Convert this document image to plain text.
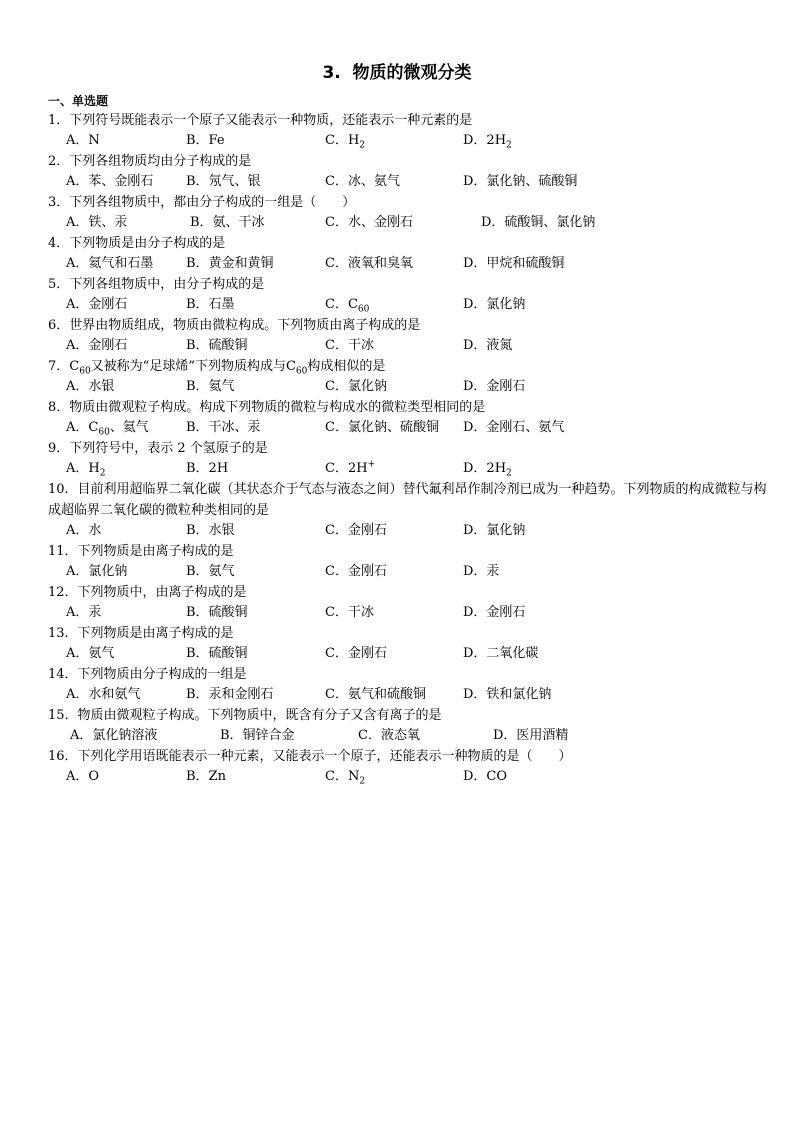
3.  物质的微观分类
一、单选题
1．下列符号既能表示一个原子又能表示一种物质，还能表示一种元素的是
A．N	B．Fe	C．$H_2$	D．$2H_2$
2．下列各组物质均由分子构成的是
A．苯、金刚石	B．氖气、银	C．冰、氨气	D．氯化钠、硫酸铜
3．下列各组物质中，都由分子构成的一组是（　　）
A．铁、汞	B．氨、干冰	C．水、金刚石	D．硫酸铜、氯化钠
4．下列物质是由分子构成的是
A．氦气和石墨	B．黄金和黄铜	C．液氧和臭氧	D．甲烷和硫酸铜
5．下列各组物质中，由分子构成的是
A．金刚石	B．石墨	C．$C_{60}$	D．氯化钠
6．世界由物质组成，物质由微粒构成。下列物质由离子构成的是
A．金刚石	B．硫酸铜	C．干冰	D．液氮
7．$C_{60}$又被称为“足球烯”下列物质构成与$C_{60}$构成相似的是
A．水银	B．氦气	C．氯化钠	D．金刚石
8．物质由微观粒子构成。构成下列物质的微粒与构成水的微粒类型相同的是
A．$C_{60}$、氦气	B．干冰、汞	C．氯化钠、硫酸铜 D．金刚石、氨气
9．下列符号中，表示 2 个氢原子的是
A．$H_2$	B．2H	C．2H+	D．$2H_2$
10．目前利用超临界二氧化碳（其状态介于气态与液态之间）替代氟利昂作制冷剂已成为一种趋势。下列物质的构成微粒与构成超临界二氧化碳的微粒种类相同的是
A．水	B．水银	C．金刚石	D．氯化钠
11．下列物质是由离子构成的是
A．氯化钠	B．氨气	C．金刚石	D．汞
12．下列物质中，由离子构成的是
A．汞	B．硫酸铜	C．干冰	D．金刚石
13．下列物质是由离子构成的是
A．氨气	B．硫酸铜	C．金刚石	D．二氧化碳
14．下列物质由分子构成的一组是
A．水和氨气	B．汞和金刚石	C．氨气和硫酸铜	D．铁和氯化钠
15．物质由微观粒子构成。下列物质中，既含有分子又含有离子的是
A．氯化钠溶液	B．铜锌合金	C．液态氧	D．医用酒精
16．下列化学用语既能表示一种元素，又能表示一个原子，还能表示一种物质的是（　　）
A．O	B．Zn	C．$N_2$	D．CO
